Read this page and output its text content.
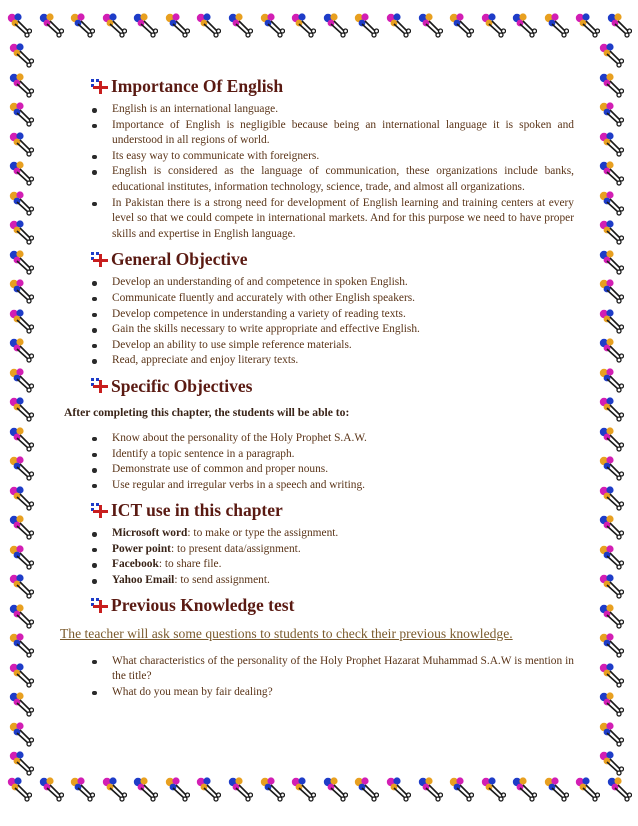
Importance Of English
English is an international language.
Importance of English is negligible because being an international language it is spoken and understood in all regions of world.
Its easy way to communicate with foreigners.
English is considered as the language of communication, these organizations include banks, educational institutes, information technology, science, trade, and almost all organizations.
In Pakistan there is a strong need for development of English learning and training centers at every level so that we could compete in international markets. And for this purpose we need to have proper skills and expertise in English language.
General Objective
Develop an understanding of and competence in spoken English.
Communicate fluently and accurately with other English speakers.
Develop competence in understanding a variety of reading texts.
Gain the skills necessary to write appropriate and effective English.
Develop an ability to use simple reference materials.
Read, appreciate and enjoy literary texts.
Specific Objectives

After completing this chapter, the students will be able to:

Know about the personality of the Holy Prophet S.A.W.
Identify a topic sentence in a paragraph.
Demonstrate use of common and proper nouns.
Use regular and irregular verbs in a speech and writing.
ICT use in this chapter
Microsoft word: to make or type the assignment.
Power point: to present data/assignment.
Facebook: to share file.
Yahoo Email: to send assignment.
Previous Knowledge test

The teacher will ask some questions to students to check their previous knowledge.

What characteristics of the personality of the Holy Prophet Hazarat Muhammad S.A.W is mention in the title?
What do you mean by fair dealing?
